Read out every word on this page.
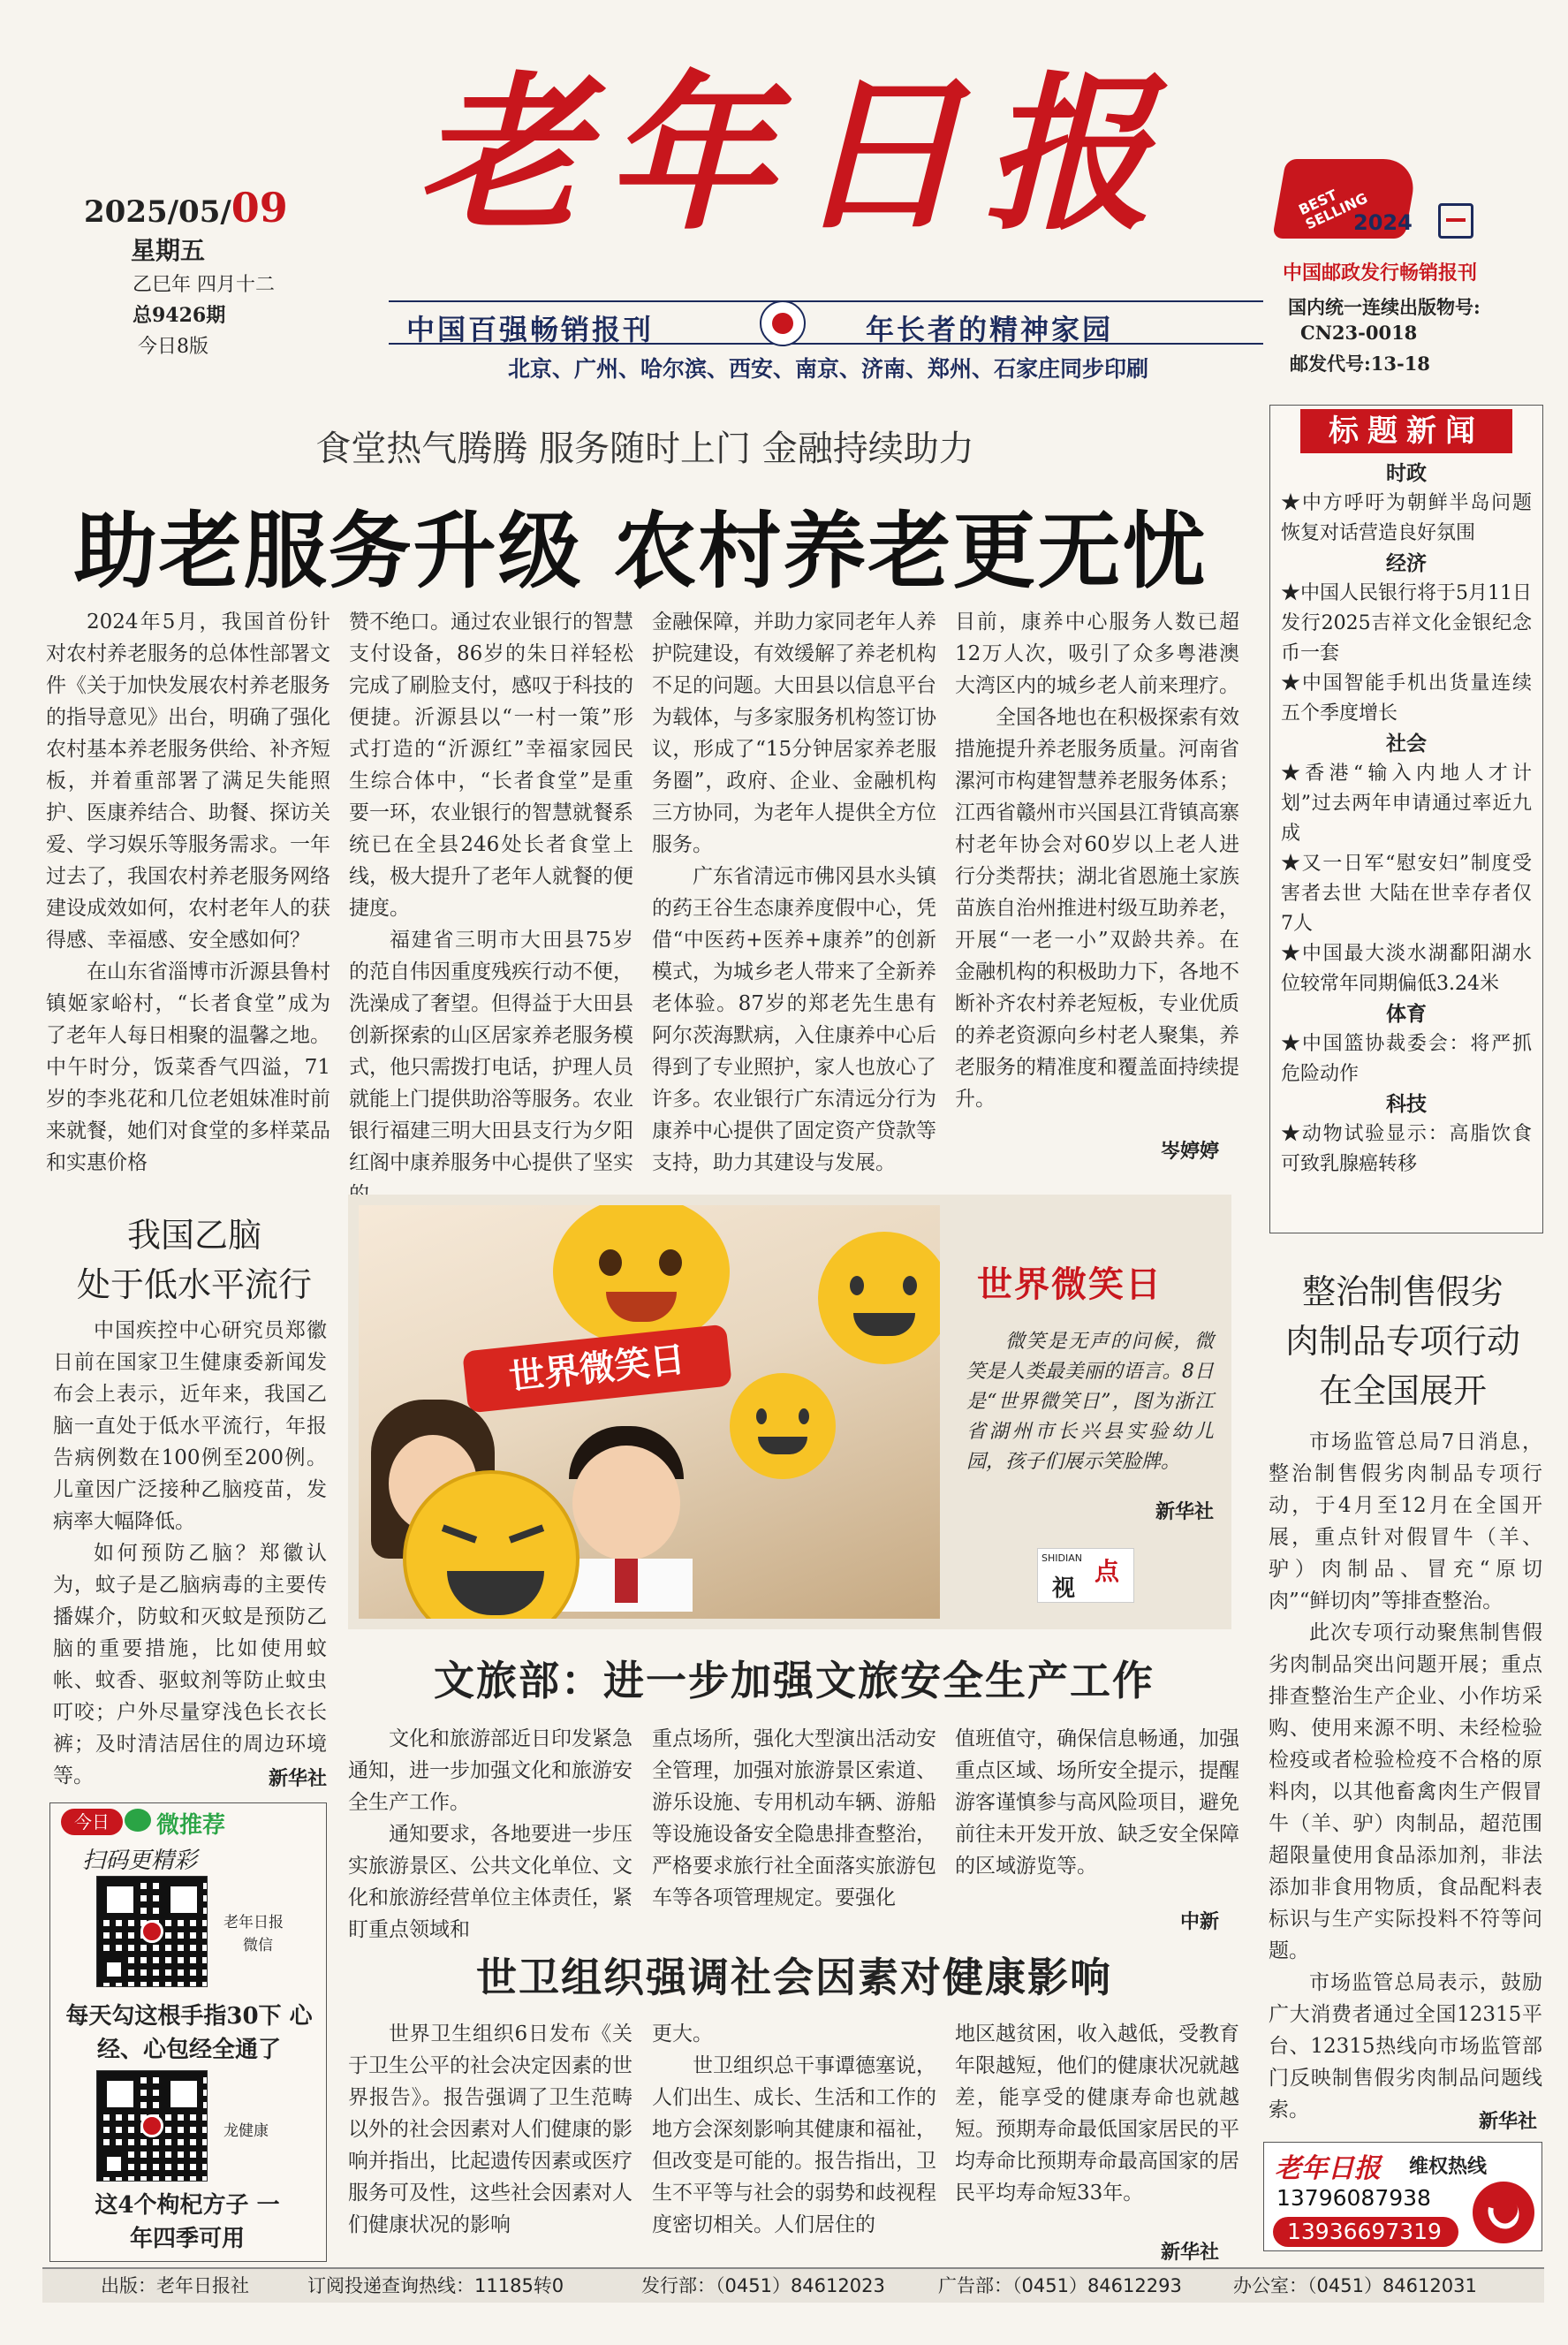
2025/05/09
星期五
乙巳年 四月十二
总9426期
今日8版
老年日报
中国百强畅销报刊	年长者的精神家园
北京、广州、哈尔滨、西安、南京、济南、郑州、石家庄同步印刷
BEST SELLING
2024
中国邮政发行畅销报刊
国内统一连续出版物号:
CN23-0018
邮发代号:13-18
食堂热气腾腾 服务随时上门 金融持续助力
助老服务升级 农村养老更无忧

2024年5月，我国首份针对农村养老服务的总体性部署文件《关于加快发展农村养老服务的指导意见》出台，明确了强化农村基本养老服务供给、补齐短板，并着重部署了满足失能照护、医康养结合、助餐、探访关爱、学习娱乐等服务需求。一年过去了，我国农村养老服务网络建设成效如何，农村老年人的获得感、幸福感、安全感如何？

在山东省淄博市沂源县鲁村镇姬家峪村，“长者食堂”成为了老年人每日相聚的温馨之地。中午时分，饭菜香气四溢，71岁的李兆花和几位老姐妹准时前来就餐，她们对食堂的多样菜品和实惠价格

赞不绝口。通过农业银行的智慧支付设备，86岁的朱日祥轻松完成了刷脸支付，感叹于科技的便捷。沂源县以“一村一策”形式打造的“沂源红”幸福家园民生综合体中，“长者食堂”是重要一环，农业银行的智慧就餐系统已在全县246处长者食堂上线，极大提升了老年人就餐的便捷度。

福建省三明市大田县75岁的范自伟因重度残疾行动不便，洗澡成了奢望。但得益于大田县创新探索的山区居家养老服务模式，他只需拨打电话，护理人员就能上门提供助浴等服务。农业银行福建三明大田县支行为夕阳红阁中康养服务中心提供了坚实

金融保障，并助力家同老年人养护院建设，有效缓解了养老机构不足的问题。大田县以信息平台为载体，与多家服务机构签订协议，形成了“15分钟居家养老服务圈”，政府、企业、金融机构三方协同，为老年人提供全方位服务。

广东省清远市佛冈县水头镇的药王谷生态康养度假中心，凭借“中医药+医养+康养”的创新模式，为城乡老人带来了全新养老体验。87岁的郑老先生患有阿尔茨海默病，入住康养中心后得到了专业照护，家人也放心了许多。农业银行广东清远分行为康养中心提供了固定资产贷款等支持，助力其建设与发展。

目前，康养中心服务人数已超12万人次，吸引了众多粤港澳大湾区内的城乡老人前来理疗。

全国各地也在积极探索有效措施提升养老服务质量。河南省漯河市构建智慧养老服务体系；江西省赣州市兴国县江背镇高寨村老年协会对60岁以上老人进行分类帮扶；湖北省恩施土家族苗族自治州推进村级互助养老，开展“一老一小”双龄共养。在金融机构的积极助力下，各地不断补齐农村养老短板，专业优质的养老资源向乡村老人聚集，养老服务的精准度和覆盖面持续提升。

岑婷婷
标题新闻
时政
★中方呼吁为朝鲜半岛问题恢复对话营造良好氛围
经济
★中国人民银行将于5月11日发行2025吉祥文化金银纪念币一套
★中国智能手机出货量连续五个季度增长
社会
★香港“输入内地人才计划”过去两年申请通过率近九成
★又一日军“慰安妇”制度受害者去世 大陆在世幸存者仅7人
★中国最大淡水湖鄱阳湖水位较常年同期偏低3.24米
体育
★中国篮协裁委会：将严抓危险动作
科技
★动物试验显示：高脂饮食可致乳腺癌转移
我国乙脑
处于低水平流行

中国疾控中心研究员郑徽日前在国家卫生健康委新闻发布会上表示，近年来，我国乙脑一直处于低水平流行，年报告病例数在100例至200例。儿童因广泛接种乙脑疫苗，发病率大幅降低。

如何预防乙脑？郑徽认为，蚊子是乙脑病毒的主要传播媒介，防蚊和灭蚊是预防乙脑的重要措施，比如使用蚊帐、蚊香、驱蚊剂等防止蚊虫叮咬；户外尽量穿浅色长衣长裤；及时清洁居住的周边环境等。	新华社
世界微笑日
世界微笑日
微笑是无声的问候，微笑是人类最美丽的语言。8日是“世界微笑日”，图为浙江省湖州市长兴县实验幼儿园，孩子们展示笑脸牌。
新华社
SHIDIAN
视
点
文旅部：进一步加强文旅安全生产工作

文化和旅游部近日印发紧急通知，进一步加强文化和旅游安全生产工作。

通知要求，各地要进一步压实旅游景区、公共文化单位、文化和旅游经营单位主体责任，紧盯重点领域和

重点场所，强化大型演出活动安全管理，加强对旅游景区索道、游乐设施、专用机动车辆、游船等设施设备安全隐患排查整治，严格要求旅行社全面落实旅游包车等各项管理规定。要强化

值班值守，确保信息畅通，加强重点区域、场所安全提示，提醒游客谨慎参与高风险项目，避免前往未开发开放、缺乏安全保障的区域游览等。

中新
世卫组织强调社会因素对健康影响

世界卫生组织6日发布《关于卫生公平的社会决定因素的世界报告》。报告强调了卫生范畴以外的社会因素对人们健康的影响并指出，比起遗传因素或医疗服务可及性，这些社会因素对人们健康状况的影响

更大。

世卫组织总干事谭德塞说，人们出生、成长、生活和工作的地方会深刻影响其健康和福祉，但改变是可能的。报告指出，卫生不平等与社会的弱势和歧视程度密切相关。人们居住的

地区越贫困，收入越低，受教育年限越短，他们的健康状况就越差，能享受的健康寿命也就越短。预期寿命最低国家居民的平均寿命比预期寿命最高国家的居民平均寿命短33年。

新华社
整治制售假劣
肉制品专项行动
在全国展开

市场监管总局7日消息，整治制售假劣肉制品专项行动，于4月至12月在全国开展，重点针对假冒牛（羊、驴）肉制品、冒充“原切肉”“鲜切肉”等排查整治。

此次专项行动聚焦制售假劣肉制品突出问题开展；重点排查整治生产企业、小作坊采购、使用来源不明、未经检验检疫或者检验检疫不合格的原料肉，以其他畜禽肉生产假冒牛（羊、驴）肉制品，超范围超限量使用食品添加剂，非法添加非食用物质，食品配料表标识与生产实际投料不符等问题。

市场监管总局表示，鼓励广大消费者通过全国12315平台、12315热线向市场监管部门反映制售假劣肉制品问题线索。

新华社
今日	微推荐
扫码更精彩
老年日报
微信
每天勾这根手指30下 心经、心包经全通了
龙健康
这4个枸杞方子 一年四季可用
老年日报 维权热线
13796087938
13936697319
出版：老年日报社	订阅投递查询热线：11185转0	发行部：（0451）84612023	广告部：（0451）84612293	办公室：（0451）84612031
